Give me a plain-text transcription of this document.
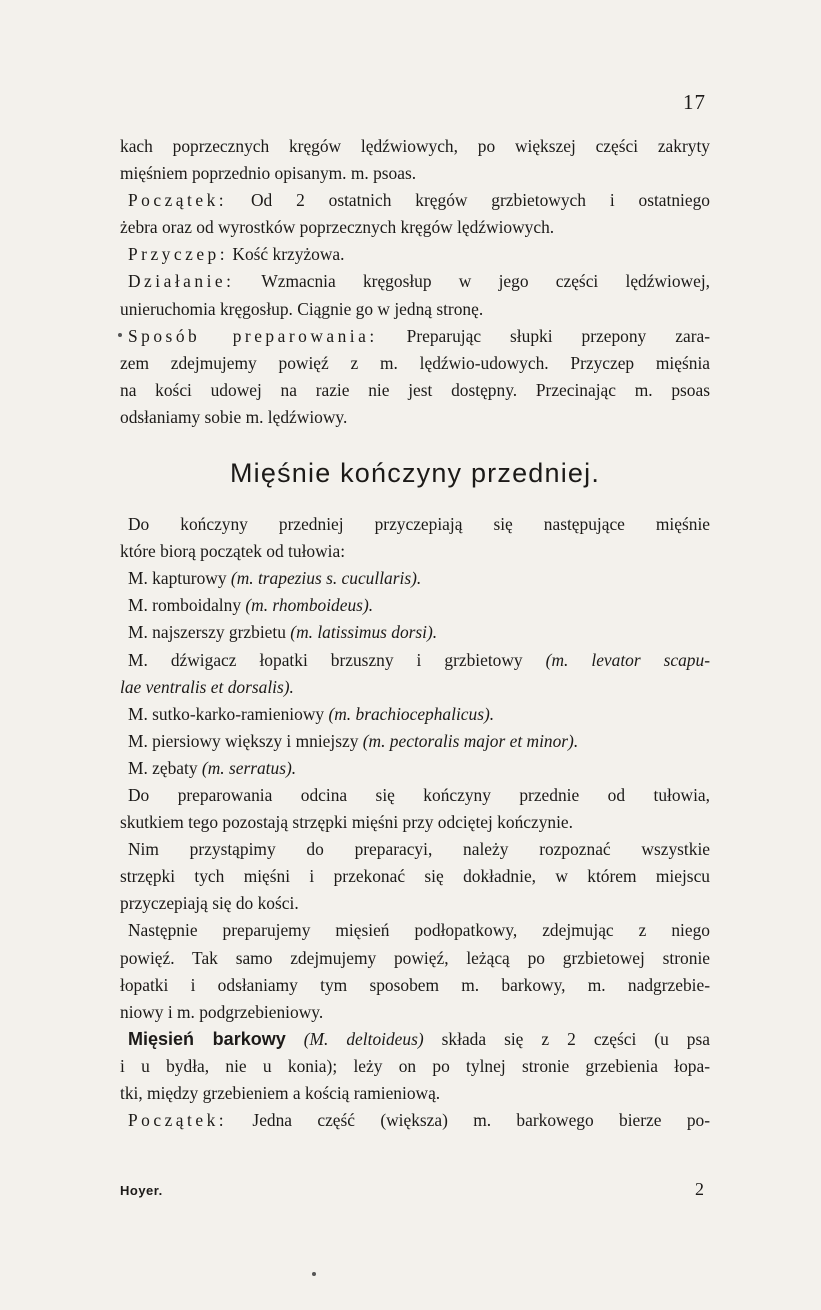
17

kach poprzecznych kręgów lędźwiowych, po większej części zakryty
mięśniem poprzednio opisanym. m. psoas.

Początek: Od 2 ostatnich kręgów grzbietowych i ostatniego
żebra oraz od wyrostków poprzecznych kręgów lędźwiowych.

Przyczep: Kość krzyżowa.

Działanie: Wzmacnia kręgosłup w jego części lędźwiowej,
unieruchomia kręgosłup. Ciągnie go w jedną stronę.

Sposób preparowania: Preparując słupki przepony zara-
zem zdejmujemy powięź z m. lędźwio-udowych. Przyczep mięśnia
na kości udowej na razie nie jest dostępny. Przecinając m. psoas
odsłaniamy sobie m. lędźwiowy.

Mięśnie kończyny przedniej.

Do kończyny przedniej przyczepiają się następujące mięśnie
które biorą początek od tułowia:

M. kapturowy (m. trapezius s. cucullaris).
M. romboidalny (m. rhomboideus).
M. najszerszy grzbietu (m. latissimus dorsi).
M. dźwigacz łopatki brzuszny i grzbietowy (m. levator scapu-
lae ventralis et dorsalis).
M. sutko-karko-ramieniowy (m. brachiocephalicus).
M. piersiowy większy i mniejszy (m. pectoralis major et minor).
M. zębaty (m. serratus).

Do preparowania odcina się kończyny przednie od tułowia,
skutkiem tego pozostają strzępki mięśni przy odciętej kończynie.

Nim przystąpimy do preparacyi, należy rozpoznać wszystkie
strzępki tych mięśni i przekonać się dokładnie, w którem miejscu
przyczepiają się do kości.

Następnie preparujemy mięsień podłopatkowy, zdejmując z niego
powięź. Tak samo zdejmujemy powięź, leżącą po grzbietowej stronie
łopatki i odsłaniamy tym sposobem m. barkowy, m. nadgrzebie-
niowy i m. podgrzebieniowy.

Mięsień barkowy (M. deltoideus) składa się z 2 części (u psa
i u bydła, nie u konia); leży on po tylnej stronie grzebienia łopa-
tki, między grzebieniem a kością ramieniową.

Początek: Jedna część (większa) m. barkowego bierze po-

Hoyer.	2
